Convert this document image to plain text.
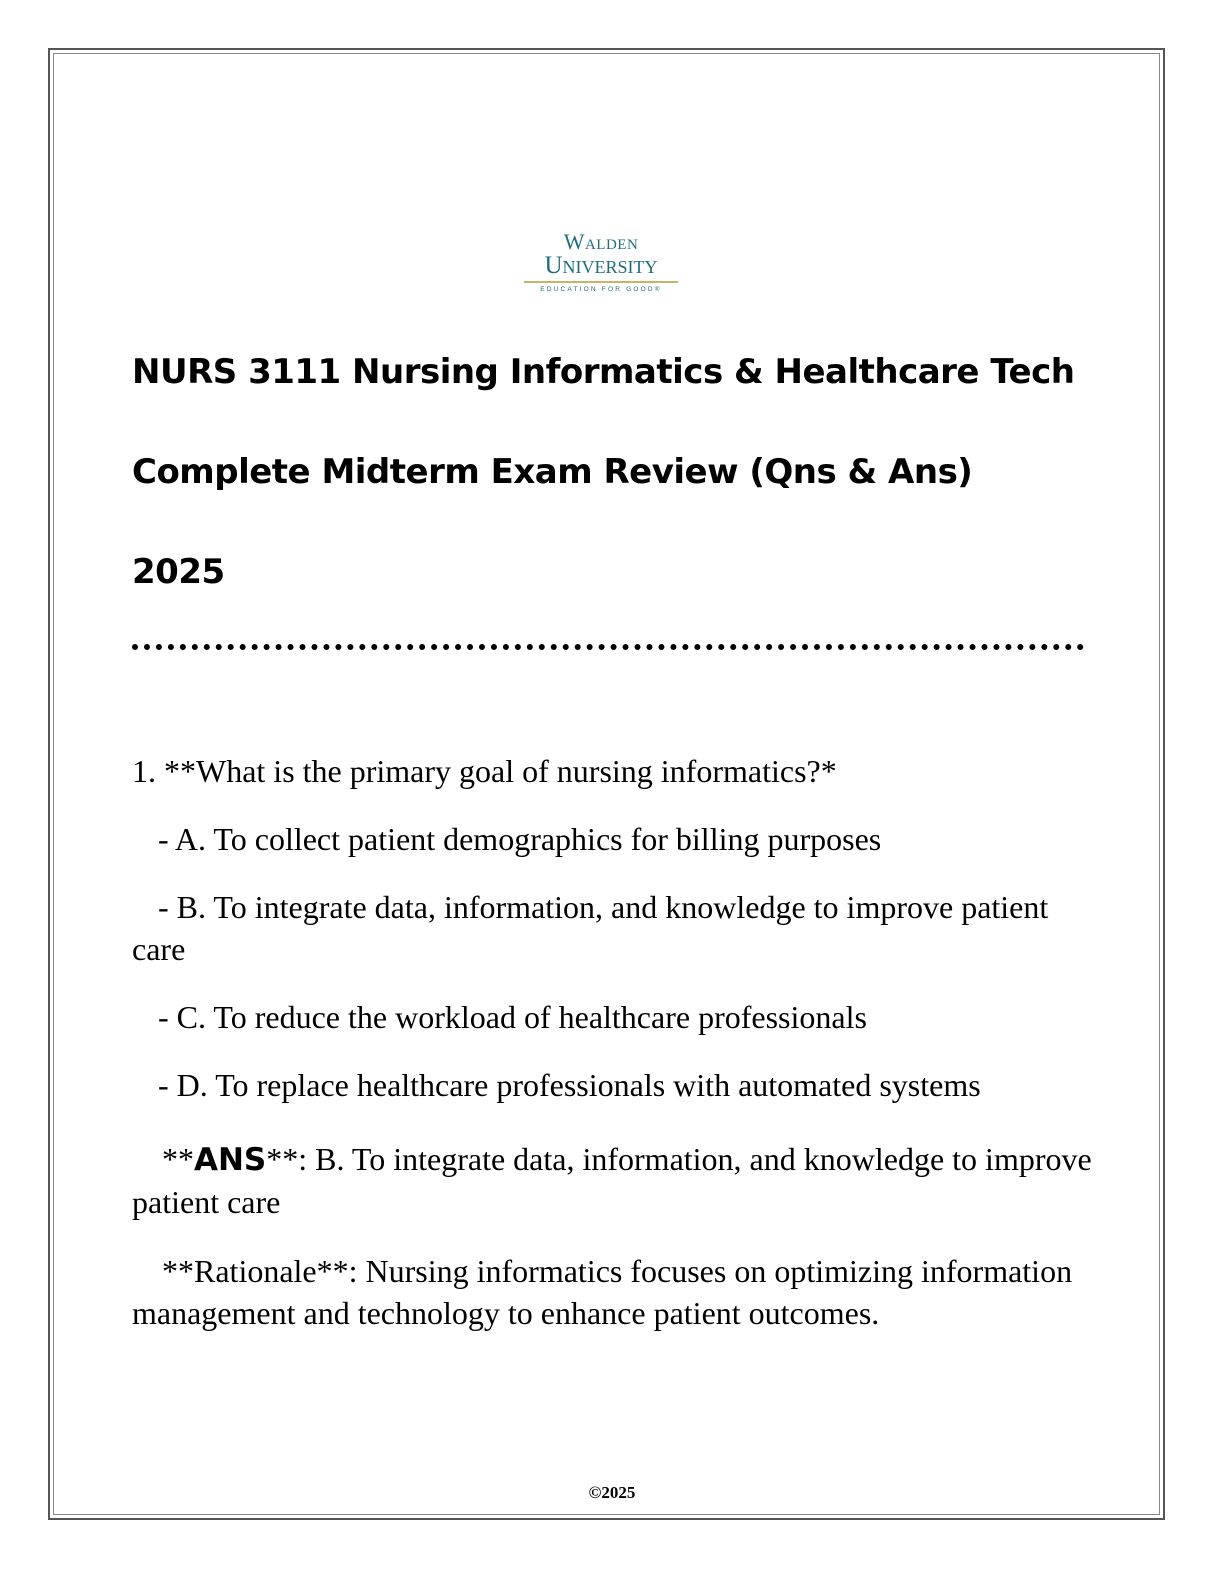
Walden
University
EDUCATION FOR GOOD®
NURS 3111 Nursing Informatics & Healthcare Tech
Complete Midterm Exam Review (Qns & Ans)
2025
1. **What is the primary goal of nursing informatics?*
- A. To collect patient demographics for billing purposes
- B. To integrate data, information, and knowledge to improve patient care
- C. To reduce the workload of healthcare professionals
- D. To replace healthcare professionals with automated systems
**ANS**: B. To integrate data, information, and knowledge to improve patient care
**Rationale**: Nursing informatics focuses on optimizing information management and technology to enhance patient outcomes.
©2025
